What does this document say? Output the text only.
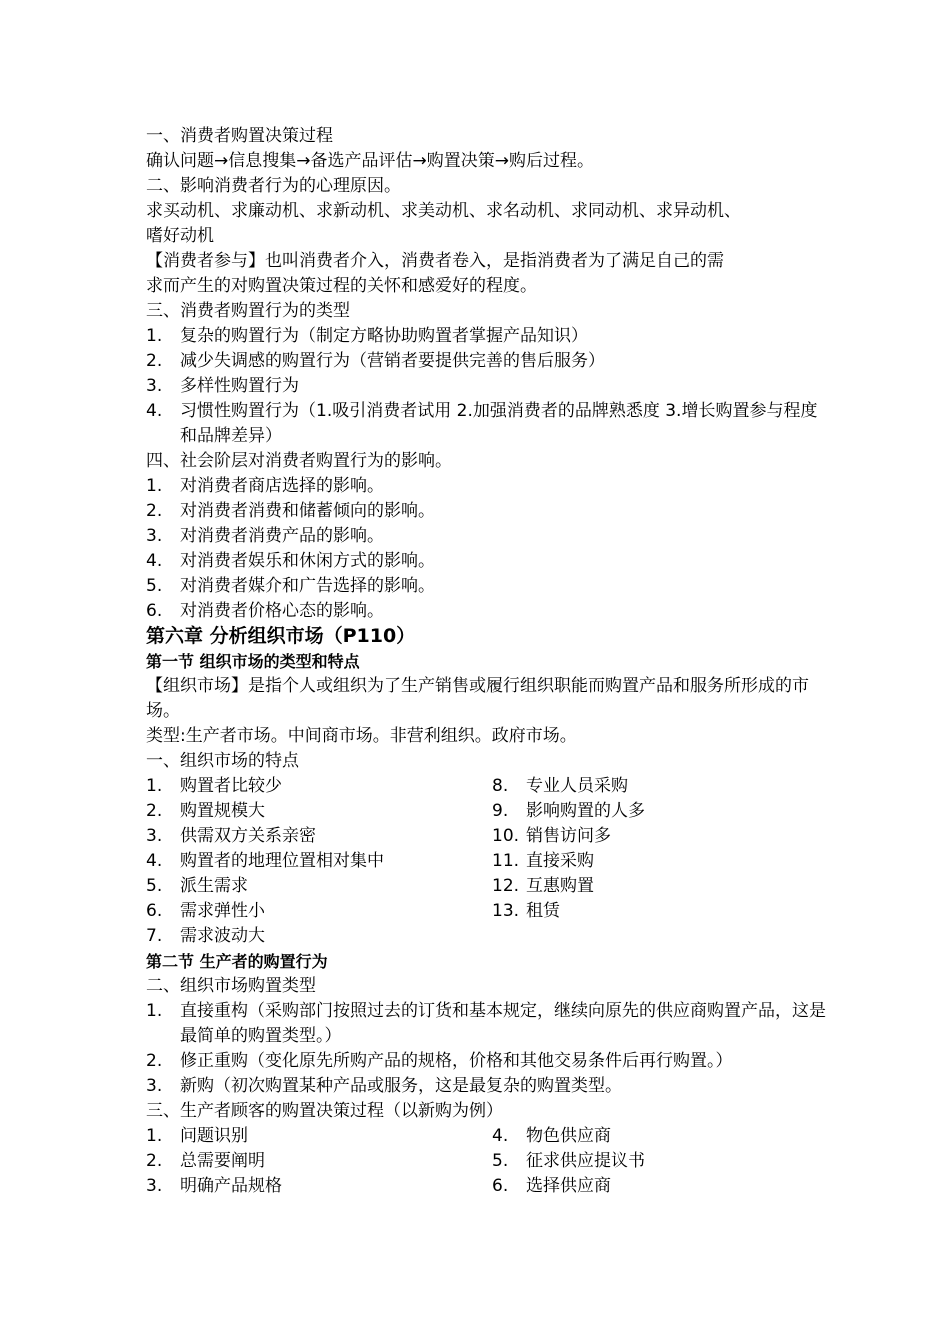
一、消费者购置决策过程
确认问题→信息搜集→备选产品评估→购置决策→购后过程。
二、影响消费者行为的心理原因。
求买动机、求廉动机、求新动机、求美动机、求名动机、求同动机、求异动机、
嗜好动机
【消费者参与】也叫消费者介入，消费者卷入，是指消费者为了满足自己的需
求而产生的对购置决策过程的关怀和感爱好的程度。
三、消费者购置行为的类型
1.	复杂的购置行为（制定方略协助购置者掌握产品知识）
2.	减少失调感的购置行为（营销者要提供完善的售后服务）
3.	多样性购置行为
4.	习惯性购置行为（1.吸引消费者试用 2.加强消费者的品牌熟悉度 3.增长购置参与程度和品牌差异）
四、社会阶层对消费者购置行为的影响。
1.	对消费者商店选择的影响。
2.	对消费者消费和储蓄倾向的影响。
3.	对消费者消费产品的影响。
4.	对消费者娱乐和休闲方式的影响。
5.	对消费者媒介和广告选择的影响。
6.	对消费者价格心态的影响。
第六章 分析组织市场（P110）
第一节 组织市场的类型和特点
【组织市场】是指个人或组织为了生产销售或履行组织职能而购置产品和服务所形成的市场。
类型:生产者市场。中间商市场。非营利组织。政府市场。
一、组织市场的特点
1.	购置者比较少
2.	购置规模大
3.	供需双方关系亲密
4.	购置者的地理位置相对集中
5.	派生需求
6.	需求弹性小
7.	需求波动大
8.	专业人员采购
9.	影响购置的人多
10. 销售访问多
11. 直接采购
12. 互惠购置
13. 租赁
第二节 生产者的购置行为
二、组织市场购置类型
1.	直接重构（采购部门按照过去的订货和基本规定，继续向原先的供应商购置产品，这是最简单的购置类型。）
2.	修正重购（变化原先所购产品的规格，价格和其他交易条件后再行购置。）
3.	新购（初次购置某种产品或服务，这是最复杂的购置类型。
三、生产者顾客的购置决策过程（以新购为例）
1.	问题识别
2.	总需要阐明
3.	明确产品规格
4.	物色供应商
5.	征求供应提议书
6.	选择供应商
